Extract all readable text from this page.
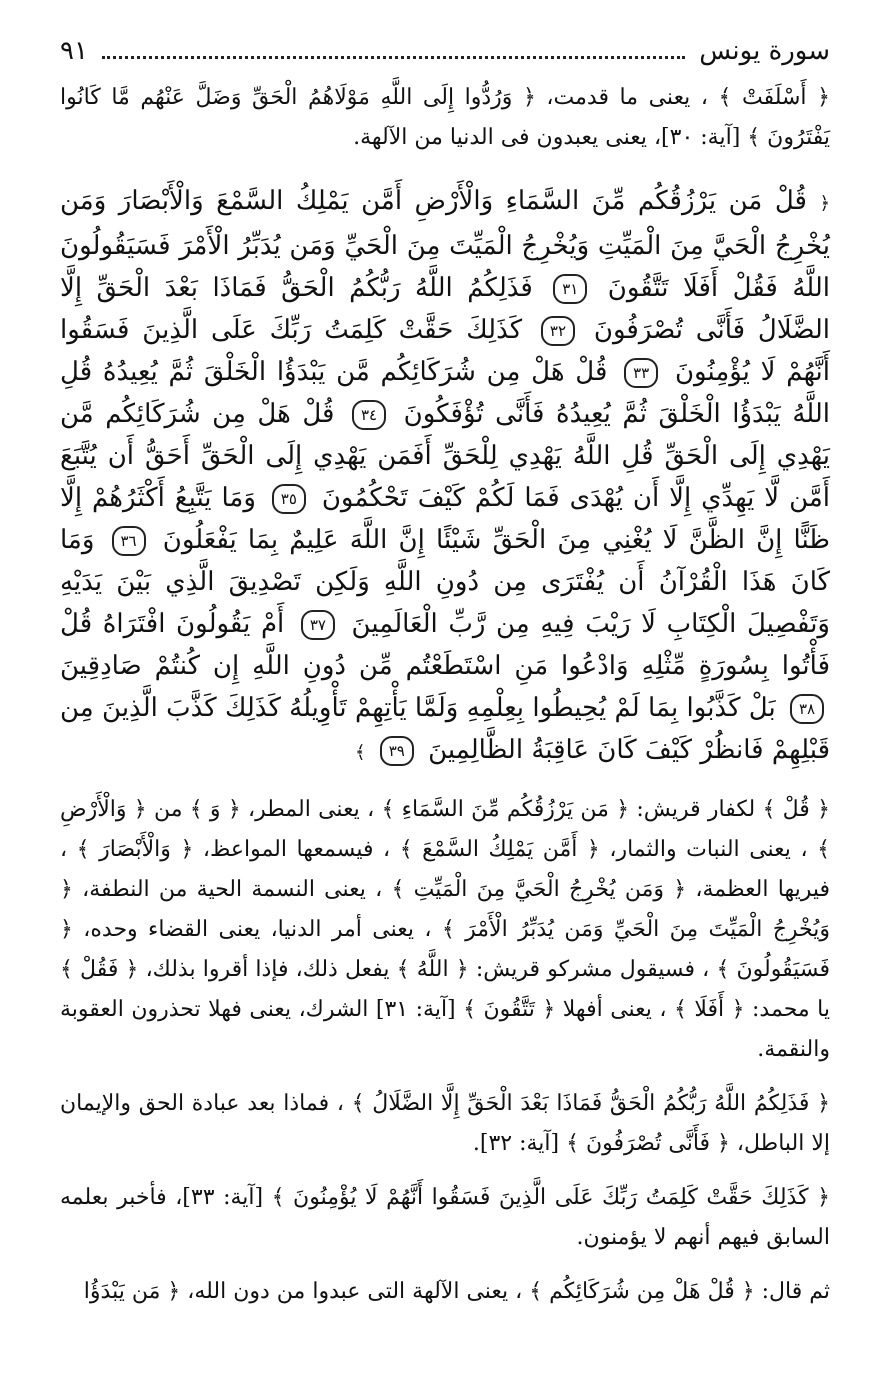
سورة يونس
٩١

﴿ أَسْلَفَتْ ﴾ ، يعنى ما قدمت، ﴿ وَرُدُّوا إِلَى اللَّهِ مَوْلَاهُمُ الْحَقِّ وَضَلَّ عَنْهُم مَّا كَانُوا يَفْتَرُونَ ﴾ [آية: ٣٠]، يعنى يعبدون فى الدنيا من الآلهة.

﴿ قُلْ مَن يَرْزُقُكُم مِّنَ السَّمَاءِ وَالْأَرْضِ أَمَّن يَمْلِكُ السَّمْعَ وَالْأَبْصَارَ وَمَن يُخْرِجُ الْحَيَّ مِنَ الْمَيِّتِ وَيُخْرِجُ الْمَيِّتَ مِنَ الْحَيِّ وَمَن يُدَبِّرُ الْأَمْرَ فَسَيَقُولُونَ اللَّهُ فَقُلْ أَفَلَا تَتَّقُونَ ٣١ فَذَلِكُمُ اللَّهُ رَبُّكُمُ الْحَقُّ فَمَاذَا بَعْدَ الْحَقِّ إِلَّا الضَّلَالُ فَأَنَّى تُصْرَفُونَ ٣٢ كَذَلِكَ حَقَّتْ كَلِمَتُ رَبِّكَ عَلَى الَّذِينَ فَسَقُوا أَنَّهُمْ لَا يُؤْمِنُونَ ٣٣ قُلْ هَلْ مِن شُرَكَائِكُم مَّن يَبْدَؤُا الْخَلْقَ ثُمَّ يُعِيدُهُ قُلِ اللَّهُ يَبْدَؤُا الْخَلْقَ ثُمَّ يُعِيدُهُ فَأَنَّى تُؤْفَكُونَ ٣٤ قُلْ هَلْ مِن شُرَكَائِكُم مَّن يَهْدِي إِلَى الْحَقِّ قُلِ اللَّهُ يَهْدِي لِلْحَقِّ أَفَمَن يَهْدِي إِلَى الْحَقِّ أَحَقُّ أَن يُتَّبَعَ أَمَّن لَّا يَهِدِّي إِلَّا أَن يُهْدَى فَمَا لَكُمْ كَيْفَ تَحْكُمُونَ ٣٥ وَمَا يَتَّبِعُ أَكْثَرُهُمْ إِلَّا ظَنًّا إِنَّ الظَّنَّ لَا يُغْنِي مِنَ الْحَقِّ شَيْئًا إِنَّ اللَّهَ عَلِيمٌ بِمَا يَفْعَلُونَ ٣٦ وَمَا كَانَ هَذَا الْقُرْآنُ أَن يُفْتَرَى مِن دُونِ اللَّهِ وَلَكِن تَصْدِيقَ الَّذِي بَيْنَ يَدَيْهِ وَتَفْصِيلَ الْكِتَابِ لَا رَيْبَ فِيهِ مِن رَّبِّ الْعَالَمِينَ ٣٧ أَمْ يَقُولُونَ افْتَرَاهُ قُلْ فَأْتُوا بِسُورَةٍ مِّثْلِهِ وَادْعُوا مَنِ اسْتَطَعْتُم مِّن دُونِ اللَّهِ إِن كُنتُمْ صَادِقِينَ ٣٨ بَلْ كَذَّبُوا بِمَا لَمْ يُحِيطُوا بِعِلْمِهِ وَلَمَّا يَأْتِهِمْ تَأْوِيلُهُ كَذَلِكَ كَذَّبَ الَّذِينَ مِن قَبْلِهِمْ فَانظُرْ كَيْفَ كَانَ عَاقِبَةُ الظَّالِمِينَ ٣٩ ﴾

﴿ قُلْ ﴾ لكفار قريش: ﴿ مَن يَرْزُقُكُم مِّنَ السَّمَاءِ ﴾ ، يعنى المطر، ﴿ وَ ﴾ من ﴿ وَالْأَرْضِ ﴾ ، يعنى النبات والثمار، ﴿ أَمَّن يَمْلِكُ السَّمْعَ ﴾ ، فيسمعها المواعظ، ﴿ وَالْأَبْصَارَ ﴾ ، فيريها العظمة، ﴿ وَمَن يُخْرِجُ الْحَيَّ مِنَ الْمَيِّتِ ﴾ ، يعنى النسمة الحية من النطفة، ﴿ وَيُخْرِجُ الْمَيِّتَ مِنَ الْحَيِّ وَمَن يُدَبِّرُ الْأَمْرَ ﴾ ، يعنى أمر الدنيا، يعنى القضاء وحده، ﴿ فَسَيَقُولُونَ ﴾ ، فسيقول مشركو قريش: ﴿ اللَّهُ ﴾ يفعل ذلك، فإذا أقروا بذلك، ﴿ فَقُلْ ﴾ يا محمد: ﴿ أَفَلَا ﴾ ، يعنى أفهلا ﴿ تَتَّقُونَ ﴾ [آية: ٣١] الشرك، يعنى فهلا تحذرون العقوبة والنقمة.

﴿ فَذَلِكُمُ اللَّهُ رَبُّكُمُ الْحَقُّ فَمَاذَا بَعْدَ الْحَقِّ إِلَّا الضَّلَالُ ﴾ ، فماذا بعد عبادة الحق والإيمان إلا الباطل، ﴿ فَأَنَّى تُصْرَفُونَ ﴾ [آية: ٣٢].

﴿ كَذَلِكَ حَقَّتْ كَلِمَتُ رَبِّكَ عَلَى الَّذِينَ فَسَقُوا أَنَّهُمْ لَا يُؤْمِنُونَ ﴾ [آية: ٣٣]، فأخبر بعلمه السابق فيهم أنهم لا يؤمنون.

ثم قال: ﴿ قُلْ هَلْ مِن شُرَكَائِكُم ﴾ ، يعنى الآلهة التى عبدوا من دون الله، ﴿ مَن يَبْدَؤُا
